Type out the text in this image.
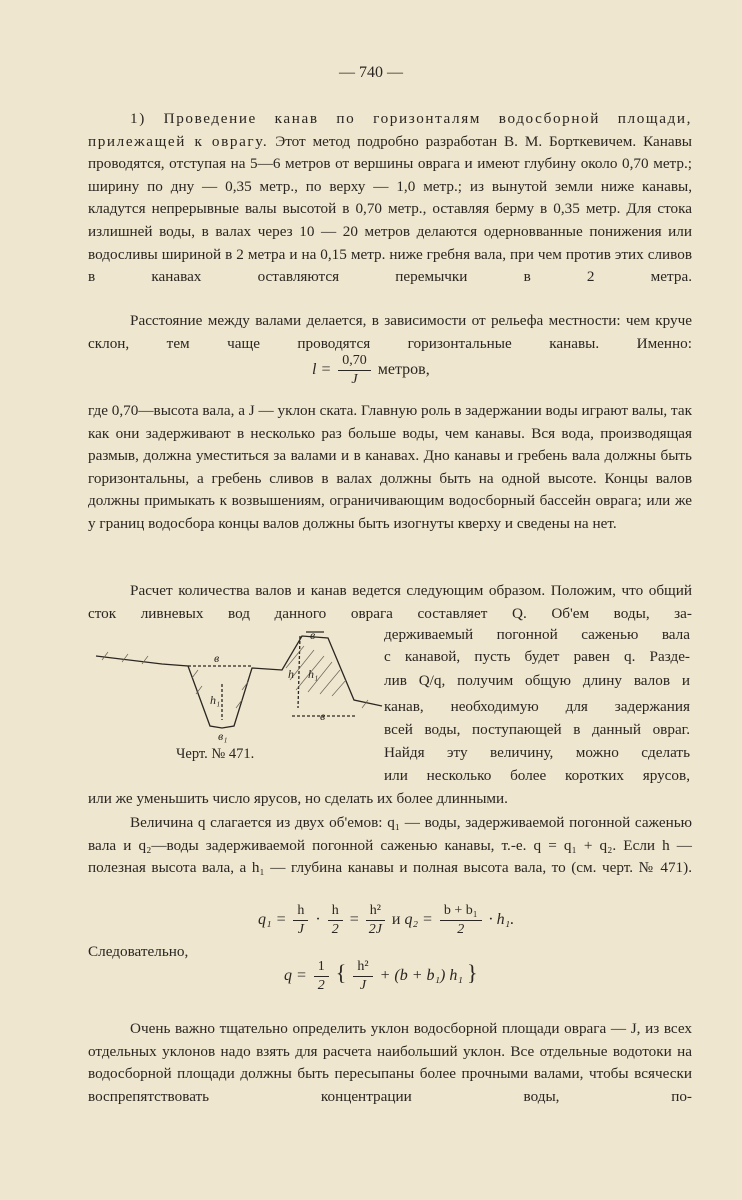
— 740 —

1) Проведение канав по горизонталям водосборной площади, прилежащей к оврагу. Этот метод подробно разработан В. М. Борткевичем. Канавы проводятся, отступая на 5—6 метров от вершины оврага и имеют глубину около 0,70 метр.; ширину по дну — 0,35 метр., по верху — 1,0 метр.; из вынутой земли ниже канавы, кладутся непрерывные валы высотой в 0,70 метр., оставляя берму в 0,35 метр. Для стока излишней воды, в валах через 10 — 20 метров делаются одерновванные понижения или водосливы шириной в 2 метра и на 0,15 метр. ниже гребня вала, при чем против этих сливов в канавах оставляются перемычки в 2 метра.

Расстояние между валами делается, в зависимости от рельефа местности: чем круче склон, тем чаще проводятся горизонтальные канавы. Именно:

$l = \frac{0,70}{J}$ метров,

где 0,70—высота вала, а J — уклон ската. Главную роль в задержании воды играют валы, так как они задерживают в несколько раз больше воды, чем канавы. Вся вода, производящая размыв, должна уместиться за валами и в канавах. Дно канавы и гребень вала должны быть горизонтальны, а гребень сливов в валах должны быть на одной высоте. Концы валов должны примыкать к возвышениям, ограничивающим водосборный бассейн оврага; или же у границ водосбора концы валов должны быть изогнуты кверху и сведены на нет.

Расчет количества валов и канав ведется следующим образом. Положим, что общий сток ливневых вод данного оврага составляет Q. Об'ем воды, за-

в
h₁
в₁
h h₁
в
в
Черт. № 471.

держиваемый погонной саженью вала

с канавой, пусть будет равен q. Разде-

лив Q/q, получим общую длину валов и

канав, необходимую для задержания

всей воды, поступающей в данный овраг.

Найдя эту величину, можно сделать

или несколько более коротких ярусов,

или же уменьшить число ярусов, но сделать их более длинными.

Величина q слагается из двух об'емов: q₁ — воды, задерживаемой погонной саженью вала и q₂—воды задерживаемой погонной саженью канавы, т.-е. q = q₁ + q₂. Если h — полезная высота вала, а h₁ — глубина канавы и полная высота вала, то (см. черт. № 471).

$q_1 = \frac{h}{J} \cdot \frac{h}{2} = \frac{\text{h²}}{2J}$ и $q_2 = \frac{\text{b + b₁}}{2} \cdot h_1$.
Следовательно,
$q = \frac{1}{2}$ { $\frac{\text{h²}}{J} + (b + b_1)$ h₁ }

Очень важно тщательно определить уклон водосборной площади оврага — J, из всех отдельных уклонов надо взять для расчета наибольший уклон. Все отдельные водотоки на водосборной площади должны быть пересыпаны более прочными валами, чтобы всячески воспрепятствовать концентрации воды, по-
